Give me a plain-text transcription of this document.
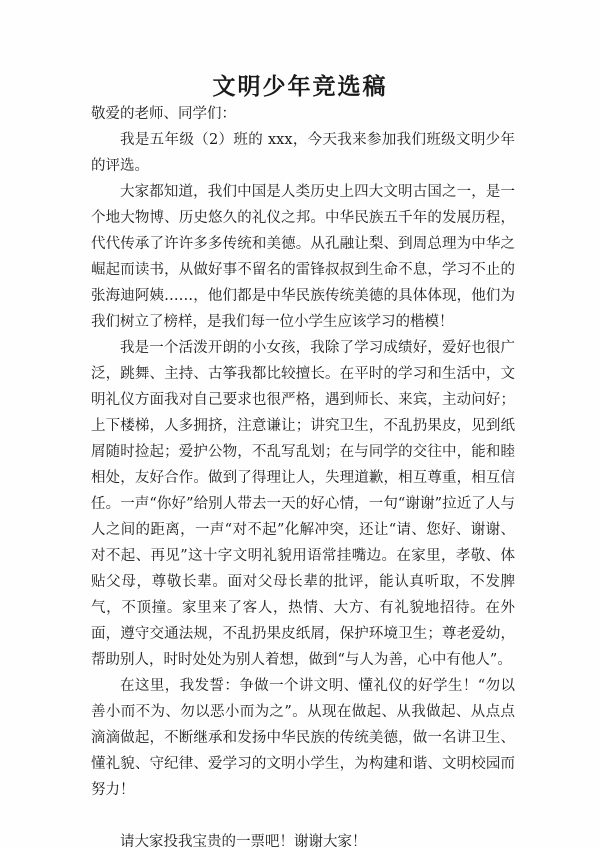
文明少年竞选稿

敬爱的老师、同学们：

我是五年级（2）班的 xxx，今天我来参加我们班级文明少年的评选。

大家都知道，我们中国是人类历史上四大文明古国之一，是一个地大物博、历史悠久的礼仪之邦。中华民族五千年的发展历程，代代传承了许许多多传统和美德。从孔融让梨、到周总理为中华之崛起而读书，从做好事不留名的雷锋叔叔到生命不息，学习不止的张海迪阿姨……，他们都是中华民族传统美德的具体体现，他们为我们树立了榜样，是我们每一位小学生应该学习的楷模！

我是一个活泼开朗的小女孩，我除了学习成绩好，爱好也很广泛，跳舞、主持、古筝我都比较擅长。在平时的学习和生活中，文明礼仪方面我对自己要求也很严格，遇到师长、来宾，主动问好；上下楼梯，人多拥挤，注意谦让；讲究卫生，不乱扔果皮，见到纸屑随时捡起；爱护公物，不乱写乱划；在与同学的交往中，能和睦相处，友好合作。做到了得理让人，失理道歉，相互尊重，相互信任。一声“你好”给别人带去一天的好心情，一句“谢谢”拉近了人与人之间的距离，一声“对不起”化解冲突，还让“请、您好、谢谢、对不起、再见”这十字文明礼貌用语常挂嘴边。在家里，孝敬、体贴父母，尊敬长辈。面对父母长辈的批评，能认真听取，不发脾气，不顶撞。家里来了客人，热情、大方、有礼貌地招待。在外面，遵守交通法规，不乱扔果皮纸屑，保护环境卫生；尊老爱幼，帮助别人，时时处处为别人着想，做到“与人为善，心中有他人”。

在这里，我发誓：争做一个讲文明、懂礼仪的好学生！“勿以善小而不为、勿以恶小而为之”。从现在做起、从我做起、从点点滴滴做起，不断继承和发扬中华民族的传统美德，做一名讲卫生、懂礼貌、守纪律、爱学习的文明小学生，为构建和谐、文明校园而努力！

请大家投我宝贵的一票吧！谢谢大家！
